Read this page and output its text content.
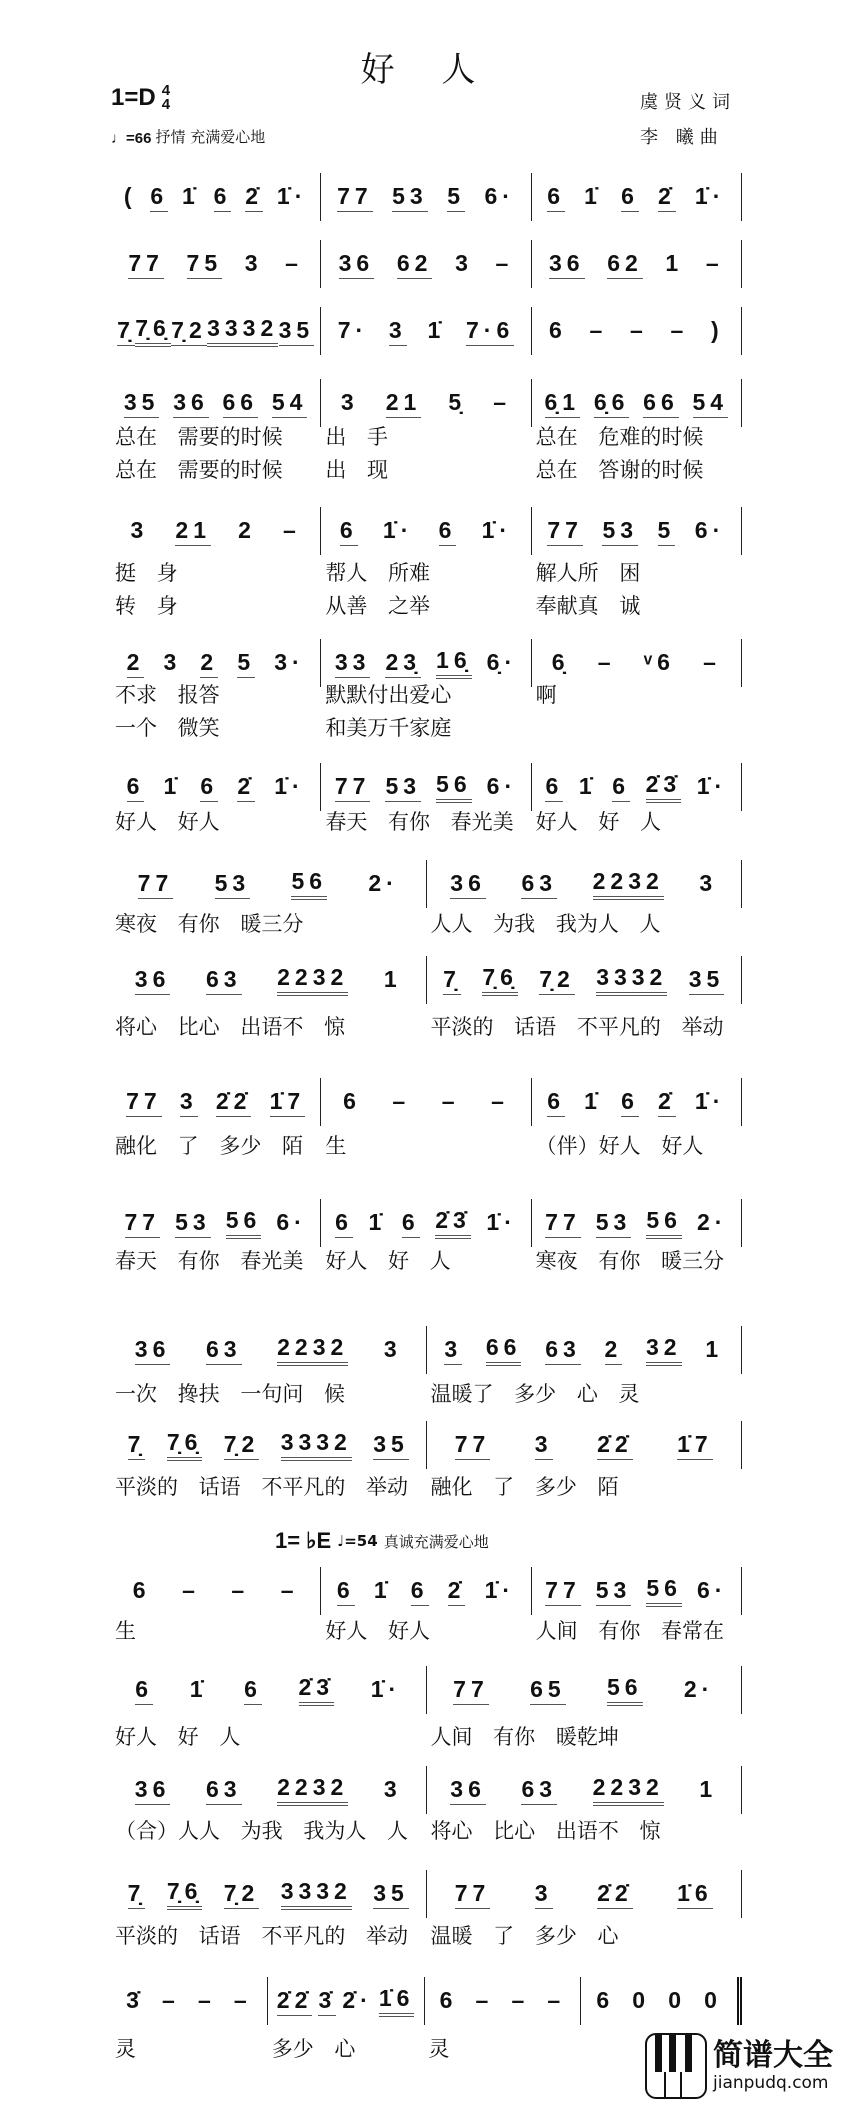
好 人
1=D 4
4
♩=66 抒情 充满爱心地
虞贤义词
李 曦曲
1= ♭E ♩=54 真诚充满爱心地
( 6 1̇ 6 2̇ 1̇· 77 53 5 6· 6 1̇ 6 2̇ 1̇·
77 75 3 – 36 62 3 – 36 62 1 –
7̣ 7̣6̣ 7̣2 3332 35 7· 3 1̇ 7·6 6 – – – )
35 36 66 54
总在 需要的时候
总在 需要的时候
3 21 5̣ –
出 手
出 现
6̣1 6̣6 66 54
总在 危难的时候
总在 答谢的时候
3 21 2 –
挺 身
转 身
6 1̇· 6 1̇·
帮人 所难
从善 之举
77 53 5 6·
解人所 困
奉献真 诚
2 3 2 5 3·
不求 报答
一个 微笑
33 23̣ 16̣ 6̣·
默默付出爱心
和美万千家庭
6̣ – ᵛ6 –
啊
6 1̇ 6 2̇ 1̇·
好人 好人
77 53 56 6·
春天 有你 春光美
6 1̇ 6 2̇3̇ 1̇·
好人 好 人
77 53 56 2·
寒夜 有你 暖三分
36 63 2232 3
人人 为我 我为人 人
36 63 2232 1
将心 比心 出语不 惊
7̣ 7̣6̣ 7̣2 3332 35
平淡的 话语 不平凡的 举动
77 3 2̇2̇ 1̇7
融化 了 多少 陌
6 – – –
生
6 1̇ 6 2̇ 1̇·
（伴）好人 好人
77 53 56 6·
春天 有你 春光美
6 1̇ 6 2̇3̇ 1̇·
好人 好 人
77 53 56 2·
寒夜 有你 暖三分
36 63 2232 3
一次 搀扶 一句问 候
3 66 63 2 32 1
温暖了 多少 心 灵
7̣ 7̣6̣ 7̣2 3332 35
平淡的 话语 不平凡的 举动
77 3 2̇2̇ 1̇7
融化 了 多少 陌
6 – – –
生
6 1̇ 6 2̇ 1̇·
好人 好人
77 53 56 6·
人间 有你 春常在
6 1̇ 6 2̇3̇ 1̇·
好人 好 人
77 65 56 2·
人间 有你 暖乾坤
36 63 2232 3
（合）人人 为我 我为人 人
36 63 2232 1
将心 比心 出语不 惊
7̣ 7̣6̣ 7̣2 3332 35
平淡的 话语 不平凡的 举动
77 3 2̇2̇ 1̇6
温暖 了 多少 心
3̇ – – –
灵
2̇2̇ 3̇ 2̇· 1̇6
多少 心
6 – – –
灵
6 0 0 0
简谱大全
jianpudq.com
